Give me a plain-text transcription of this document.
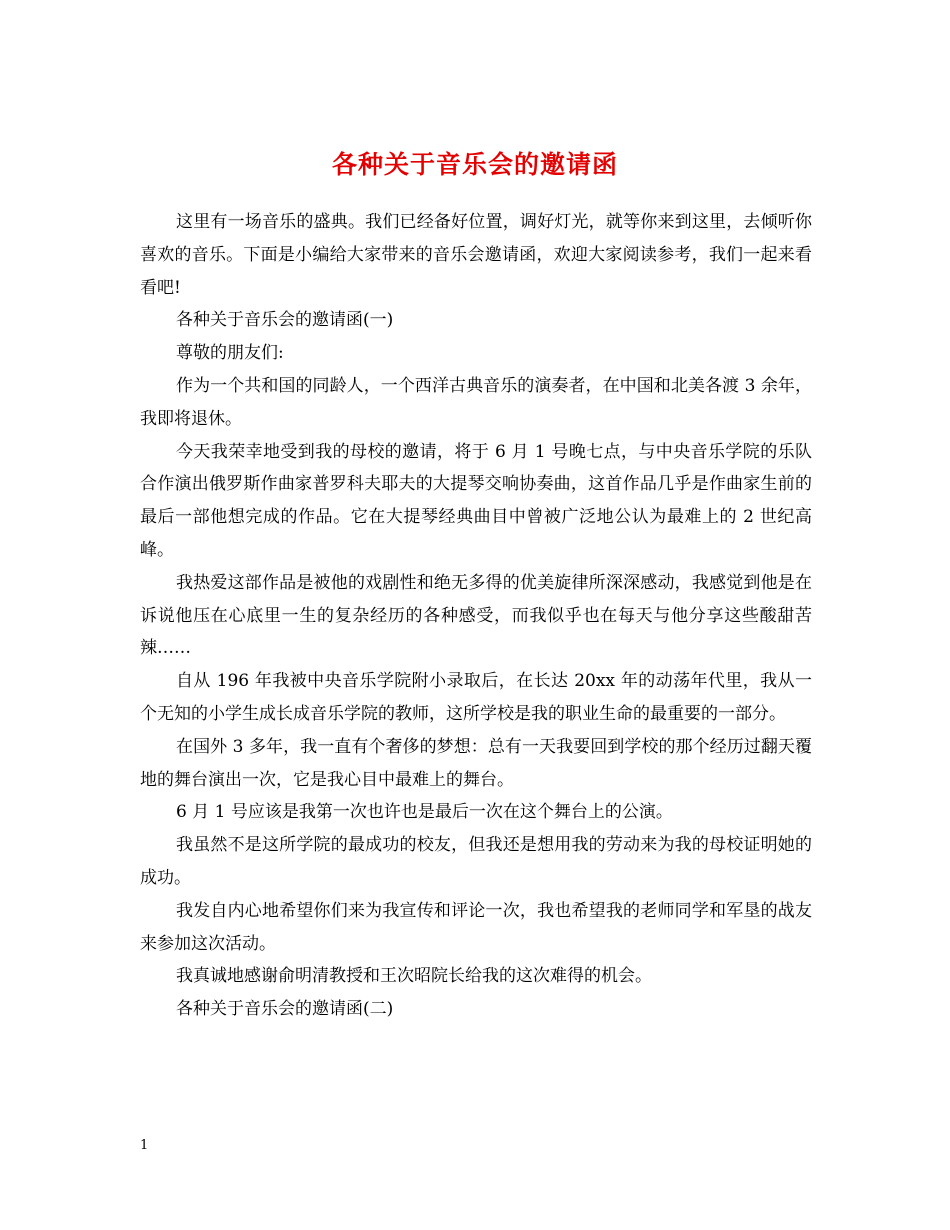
各种关于音乐会的邀请函

这里有一场音乐的盛典。我们已经备好位置，调好灯光，就等你来到这里，去倾听你喜欢的音乐。下面是小编给大家带来的音乐会邀请函，欢迎大家阅读参考，我们一起来看看吧!

各种关于音乐会的邀请函(一)

尊敬的朋友们:

作为一个共和国的同龄人，一个西洋古典音乐的演奏者，在中国和北美各渡 3 余年，我即将退休。

今天我荣幸地受到我的母校的邀请，将于 6 月 1 号晚七点，与中央音乐学院的乐队合作演出俄罗斯作曲家普罗科夫耶夫的大提琴交响协奏曲，这首作品几乎是作曲家生前的最后一部他想完成的作品。它在大提琴经典曲目中曾被广泛地公认为最难上的 2 世纪高峰。

我热爱这部作品是被他的戏剧性和绝无多得的优美旋律所深深感动，我感觉到他是在诉说他压在心底里一生的复杂经历的各种感受，而我似乎也在每天与他分享这些酸甜苦辣……

自从 196 年我被中央音乐学院附小录取后，在长达 20xx 年的动荡年代里，我从一个无知的小学生成长成音乐学院的教师，这所学校是我的职业生命的最重要的一部分。

在国外 3 多年，我一直有个奢侈的梦想：总有一天我要回到学校的那个经历过翻天覆地的舞台演出一次，它是我心目中最难上的舞台。

6 月 1 号应该是我第一次也许也是最后一次在这个舞台上的公演。

我虽然不是这所学院的最成功的校友，但我还是想用我的劳动来为我的母校证明她的成功。

我发自内心地希望你们来为我宣传和评论一次，我也希望我的老师同学和军垦的战友来参加这次活动。

我真诚地感谢俞明清教授和王次昭院长给我的这次难得的机会。

各种关于音乐会的邀请函(二)

1
